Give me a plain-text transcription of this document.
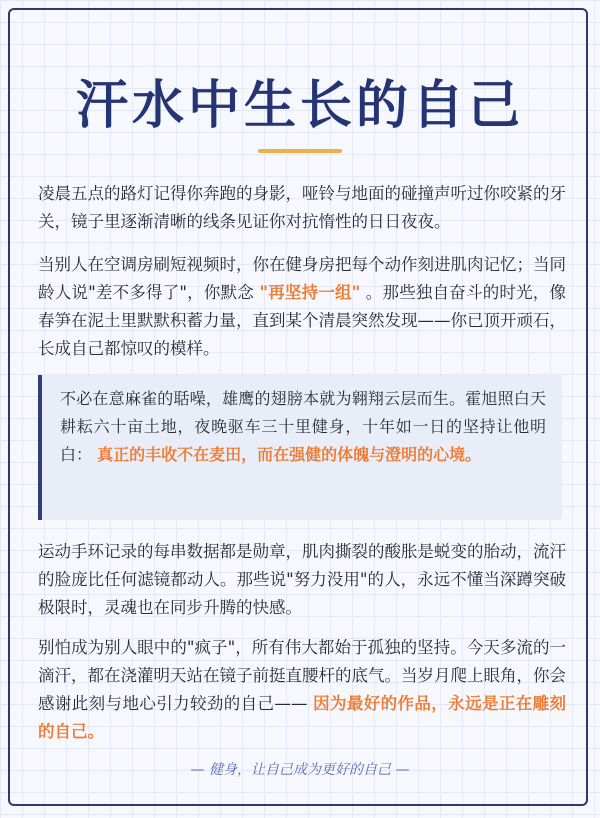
汗水中生长的自己

凌晨五点的路灯记得你奔跑的身影，哑铃与地面的碰撞声听过你咬紧的牙关，镜子里逐渐清晰的线条见证你对抗惰性的日日夜夜。

当别人在空调房刷短视频时，你在健身房把每个动作刻进肌肉记忆；当同龄人说"差不多得了"，你默念 "再坚持一组" 。那些独自奋斗的时光，像春笋在泥土里默默积蓄力量，直到某个清晨突然发现——你已顶开顽石，长成自己都惊叹的模样。

不必在意麻雀的聒噪，雄鹰的翅膀本就为翱翔云层而生。霍旭照白天耕耘六十亩土地，夜晚驱车三十里健身，十年如一日的坚持让他明白： 真正的丰收不在麦田，而在强健的体魄与澄明的心境。

运动手环记录的每串数据都是勋章，肌肉撕裂的酸胀是蜕变的胎动，流汗的脸庞比任何滤镜都动人。那些说"努力没用"的人，永远不懂当深蹲突破极限时，灵魂也在同步升腾的快感。

别怕成为别人眼中的"疯子"，所有伟大都始于孤独的坚持。今天多流的一滴汗，都在浇灌明天站在镜子前挺直腰杆的底气。当岁月爬上眼角，你会感谢此刻与地心引力较劲的自己—— 因为最好的作品，永远是正在雕刻的自己。

— 健身，让自己成为更好的自己 —
